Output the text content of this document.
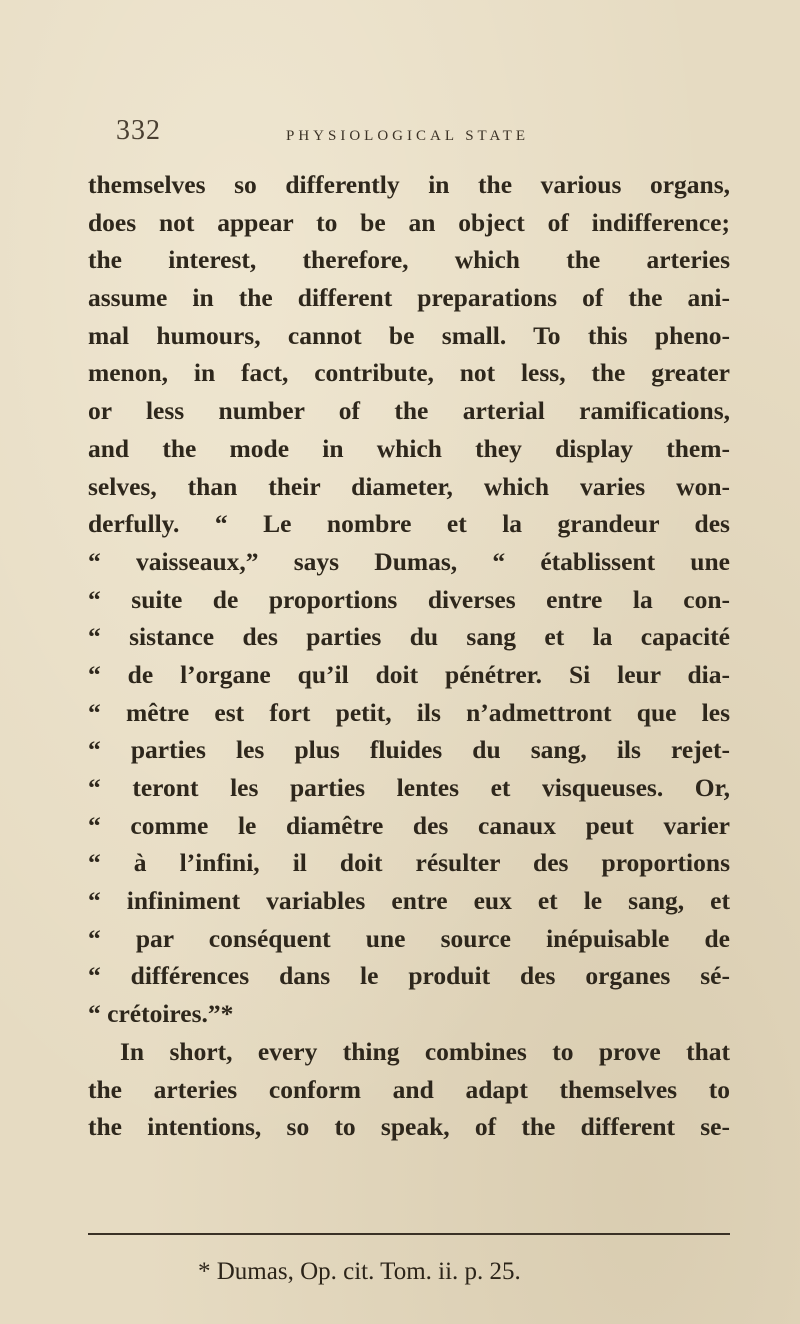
332	PHYSIOLOGICAL STATE
themselves so differently in the various organs,
does not appear to be an object of indifference;
the interest, therefore, which the arteries
assume in the different preparations of the ani-
mal humours, cannot be small. To this pheno-
menon, in fact, contribute, not less, the greater
or less number of the arterial ramifications,
and the mode in which they display them-
selves, than their diameter, which varies won-
derfully. “ Le nombre et la grandeur des
“ vaisseaux,” says Dumas, “ établissent une
“ suite de proportions diverses entre la con-
“ sistance des parties du sang et la capacité
“ de l’organe qu’il doit pénétrer. Si leur dia-
“ mêtre est fort petit, ils n’admettront que les
“ parties les plus fluides du sang, ils rejet-
“ teront les parties lentes et visqueuses. Or,
“ comme le diamêtre des canaux peut varier
“ à l’infini, il doit résulter des proportions
“ infiniment variables entre eux et le sang, et
“ par conséquent une source inépuisable de
“ différences dans le produit des organes sé-
“ crétoires.”*
In short, every thing combines to prove that
the arteries conform and adapt themselves to
the intentions, so to speak, of the different se-
* Dumas, Op. cit. Tom. ii. p. 25.
